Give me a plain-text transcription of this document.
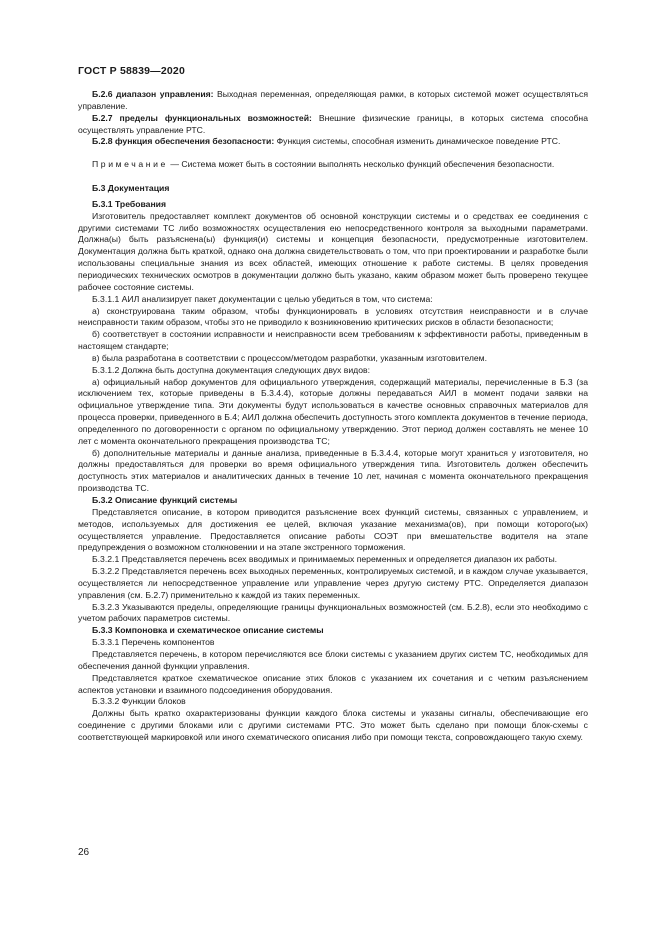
ГОСТ Р 58839—2020

Б.2.6 диапазон управления: Выходная переменная, определяющая рамки, в которых системой может осуществляться управление.

Б.2.7 пределы функциональных возможностей: Внешние физические границы, в которых система способна осуществлять управление РТС.

Б.2.8 функция обеспечения безопасности: Функция системы, способная изменить динамическое поведение РТС.

Примечание — Система может быть в состоянии выполнять несколько функций обеспечения безопасности.

Б.3 Документация

Б.3.1 Требования

Изготовитель предоставляет комплект документов об основной конструкции системы и о средствах ее соединения с другими системами ТС либо возможностях осуществления ею непосредственного контроля за выходными параметрами. Должна(ы) быть разъяснена(ы) функция(и) системы и концепция безопасности, предусмотренные изготовителем. Документация должна быть краткой, однако она должна свидетельствовать о том, что при проектировании и разработке были использованы специальные знания из всех областей, имеющих отношение к работе системы. В целях проведения периодических технических осмотров в документации должно быть указано, каким образом может быть проверено текущее рабочее состояние системы.

Б.3.1.1 АИЛ анализирует пакет документации с целью убедиться в том, что система:

а) сконструирована таким образом, чтобы функционировать в условиях отсутствия неисправности и в случае неисправности таким образом, чтобы это не приводило к возникновению критических рисков в области безопасности;

б) соответствует в состоянии исправности и неисправности всем требованиям к эффективности работы, приведенным в настоящем стандарте;

в) была разработана в соответствии с процессом/методом разработки, указанным изготовителем.

Б.3.1.2 Должна быть доступна документация следующих двух видов:

а) официальный набор документов для официального утверждения, содержащий материалы, перечисленные в Б.3 (за исключением тех, которые приведены в Б.3.4.4), которые должны передаваться АИЛ в момент подачи заявки на официальное утверждение типа. Эти документы будут использоваться в качестве основных справочных материалов для процесса проверки, приведенного в Б.4; АИЛ должна обеспечить доступность этого комплекта документов в течение периода, определенного по договоренности с органом по официальному утверждению. Этот период должен составлять не менее 10 лет с момента окончательного прекращения производства ТС;

б) дополнительные материалы и данные анализа, приведенные в Б.3.4.4, которые могут храниться у изготовителя, но должны предоставляться для проверки во время официального утверждения типа. Изготовитель должен обеспечить доступность этих материалов и аналитических данных в течение 10 лет, начиная с момента окончательного прекращения производства ТС.

Б.3.2 Описание функций системы

Представляется описание, в котором приводится разъяснение всех функций системы, связанных с управлением, и методов, используемых для достижения ее целей, включая указание механизма(ов), при помощи которого(ых) осуществляется управление. Предоставляется описание работы СОЭТ при вмешательстве водителя на этапе предупреждения о возможном столкновении и на этапе экстренного торможения.

Б.3.2.1 Представляется перечень всех вводимых и принимаемых переменных и определяется диапазон их работы.

Б.3.2.2 Представляется перечень всех выходных переменных, контролируемых системой, и в каждом случае указывается, осуществляется ли непосредственное управление или управление через другую систему РТС. Определяется диапазон управления (см. Б.2.7) применительно к каждой из таких переменных.

Б.3.2.3 Указываются пределы, определяющие границы функциональных возможностей (см. Б.2.8), если это необходимо с учетом рабочих параметров системы.

Б.3.3 Компоновка и схематическое описание системы

Б.3.3.1 Перечень компонентов

Представляется перечень, в котором перечисляются все блоки системы с указанием других систем ТС, необходимых для обеспечения данной функции управления.

Представляется краткое схематическое описание этих блоков с указанием их сочетания и с четким разъяснением аспектов установки и взаимного подсоединения оборудования.

Б.3.3.2 Функции блоков

Должны быть кратко охарактеризованы функции каждого блока системы и указаны сигналы, обеспечивающие его соединение с другими блоками или с другими системами РТС. Это может быть сделано при помощи блок-схемы с соответствующей маркировкой или иного схематического описания либо при помощи текста, сопровождающего такую схему.

26
